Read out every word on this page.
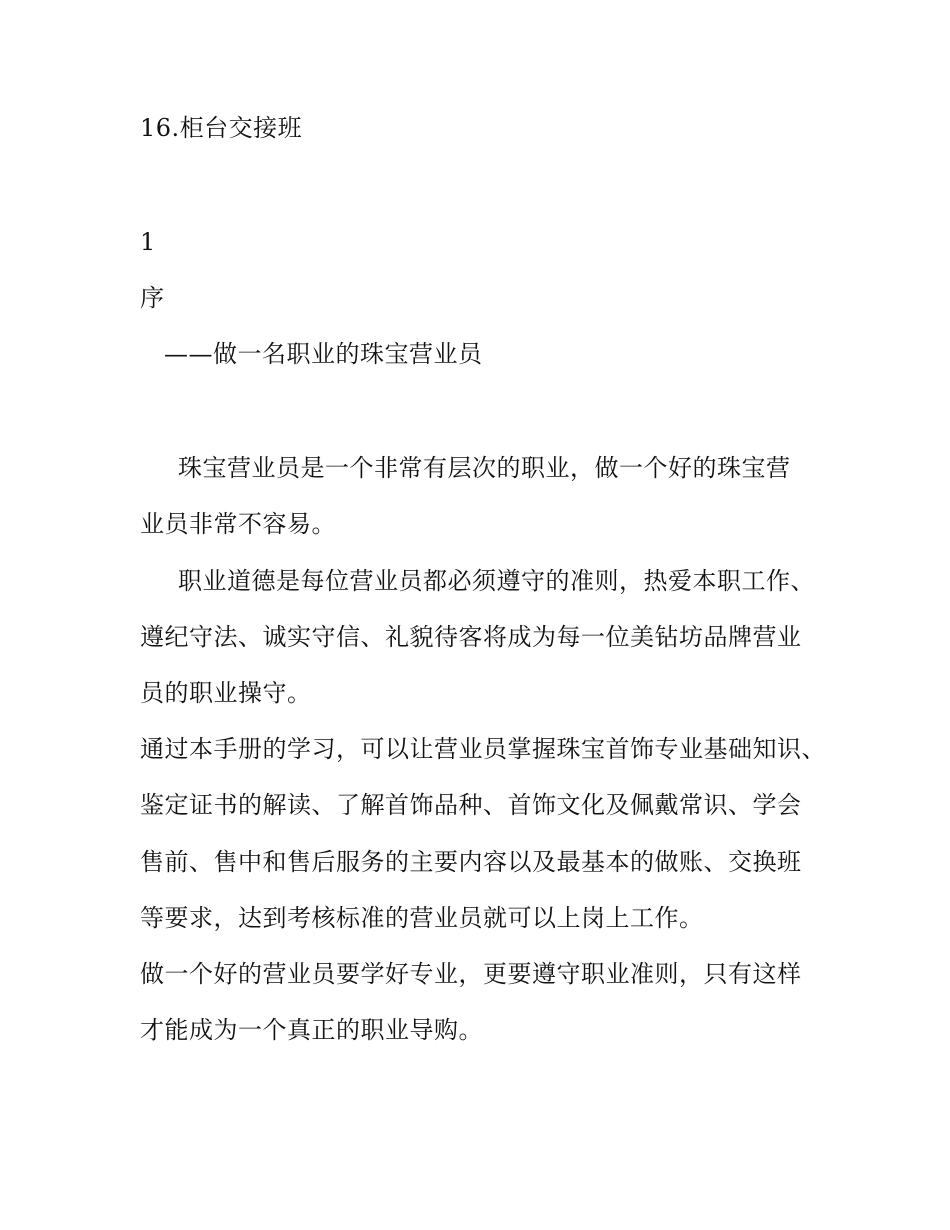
16.柜台交接班
1
序
——做一名职业的珠宝营业员
珠宝营业员是一个非常有层次的职业，做一个好的珠宝营
业员非常不容易。
职业道德是每位营业员都必须遵守的准则，热爱本职工作、
遵纪守法、诚实守信、礼貌待客将成为每一位美钻坊品牌营业
员的职业操守。
通过本手册的学习，可以让营业员掌握珠宝首饰专业基础知识、
鉴定证书的解读、了解首饰品种、首饰文化及佩戴常识、学会
售前、售中和售后服务的主要内容以及最基本的做账、交换班
等要求，达到考核标准的营业员就可以上岗上工作。
做一个好的营业员要学好专业，更要遵守职业准则，只有这样
才能成为一个真正的职业导购。
